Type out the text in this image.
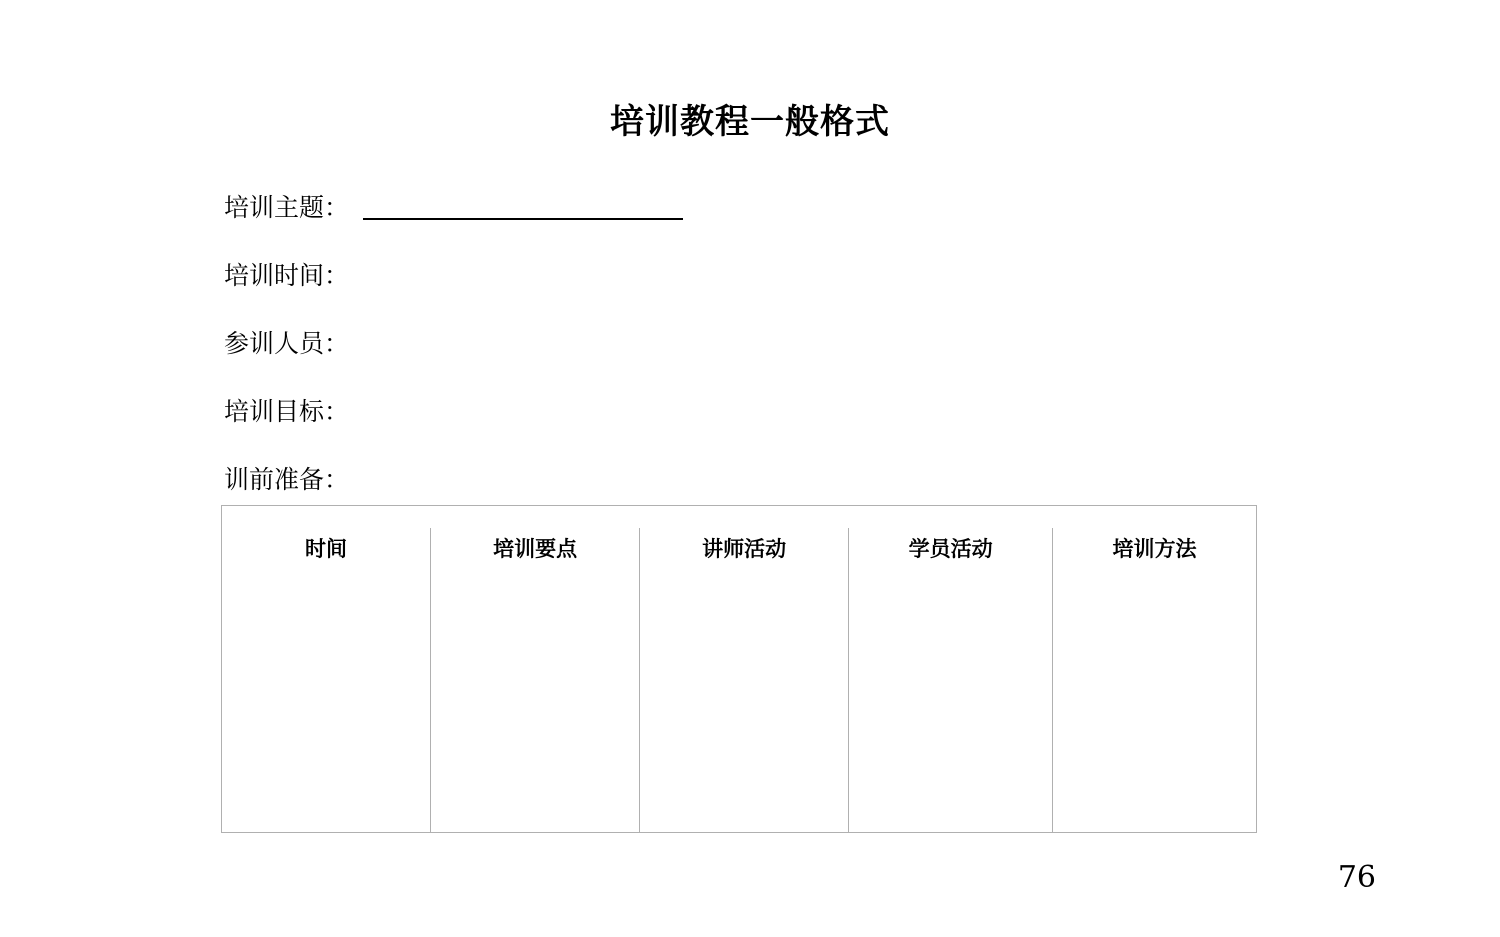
培训教程一般格式
培训主题：
培训时间：
参训人员：
培训目标：
训前准备：

时间	培训要点	讲师活动	学员活动	培训方法

76
